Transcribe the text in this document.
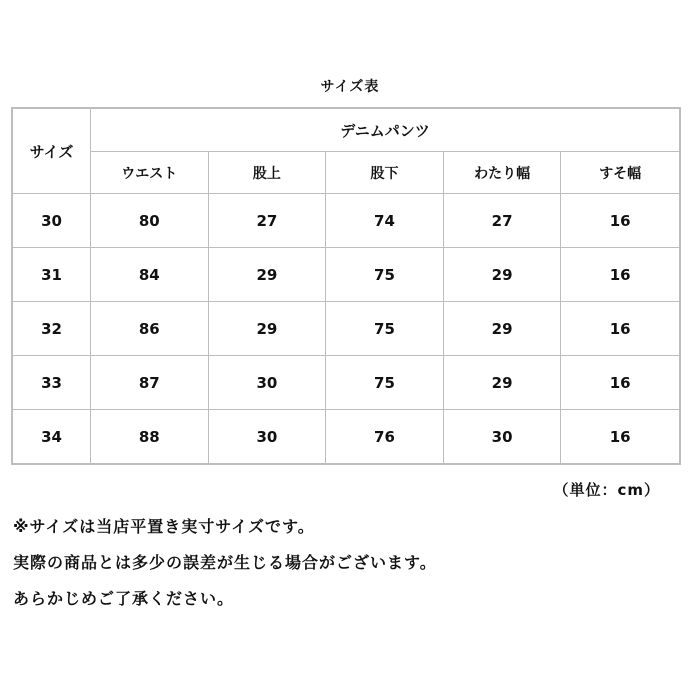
サイズ表
サイズ	デニムパンツ				
	ウエスト	股上	股下	わたり幅	すそ幅
30	80	27	74	27	16
31	84	29	75	29	16
32	86	29	75	29	16
33	87	30	75	29	16
34	88	30	76	30	16
（単位：cm）
※サイズは当店平置き実寸サイズです。
実際の商品とは多少の誤差が生じる場合がございます。
あらかじめご了承ください。
